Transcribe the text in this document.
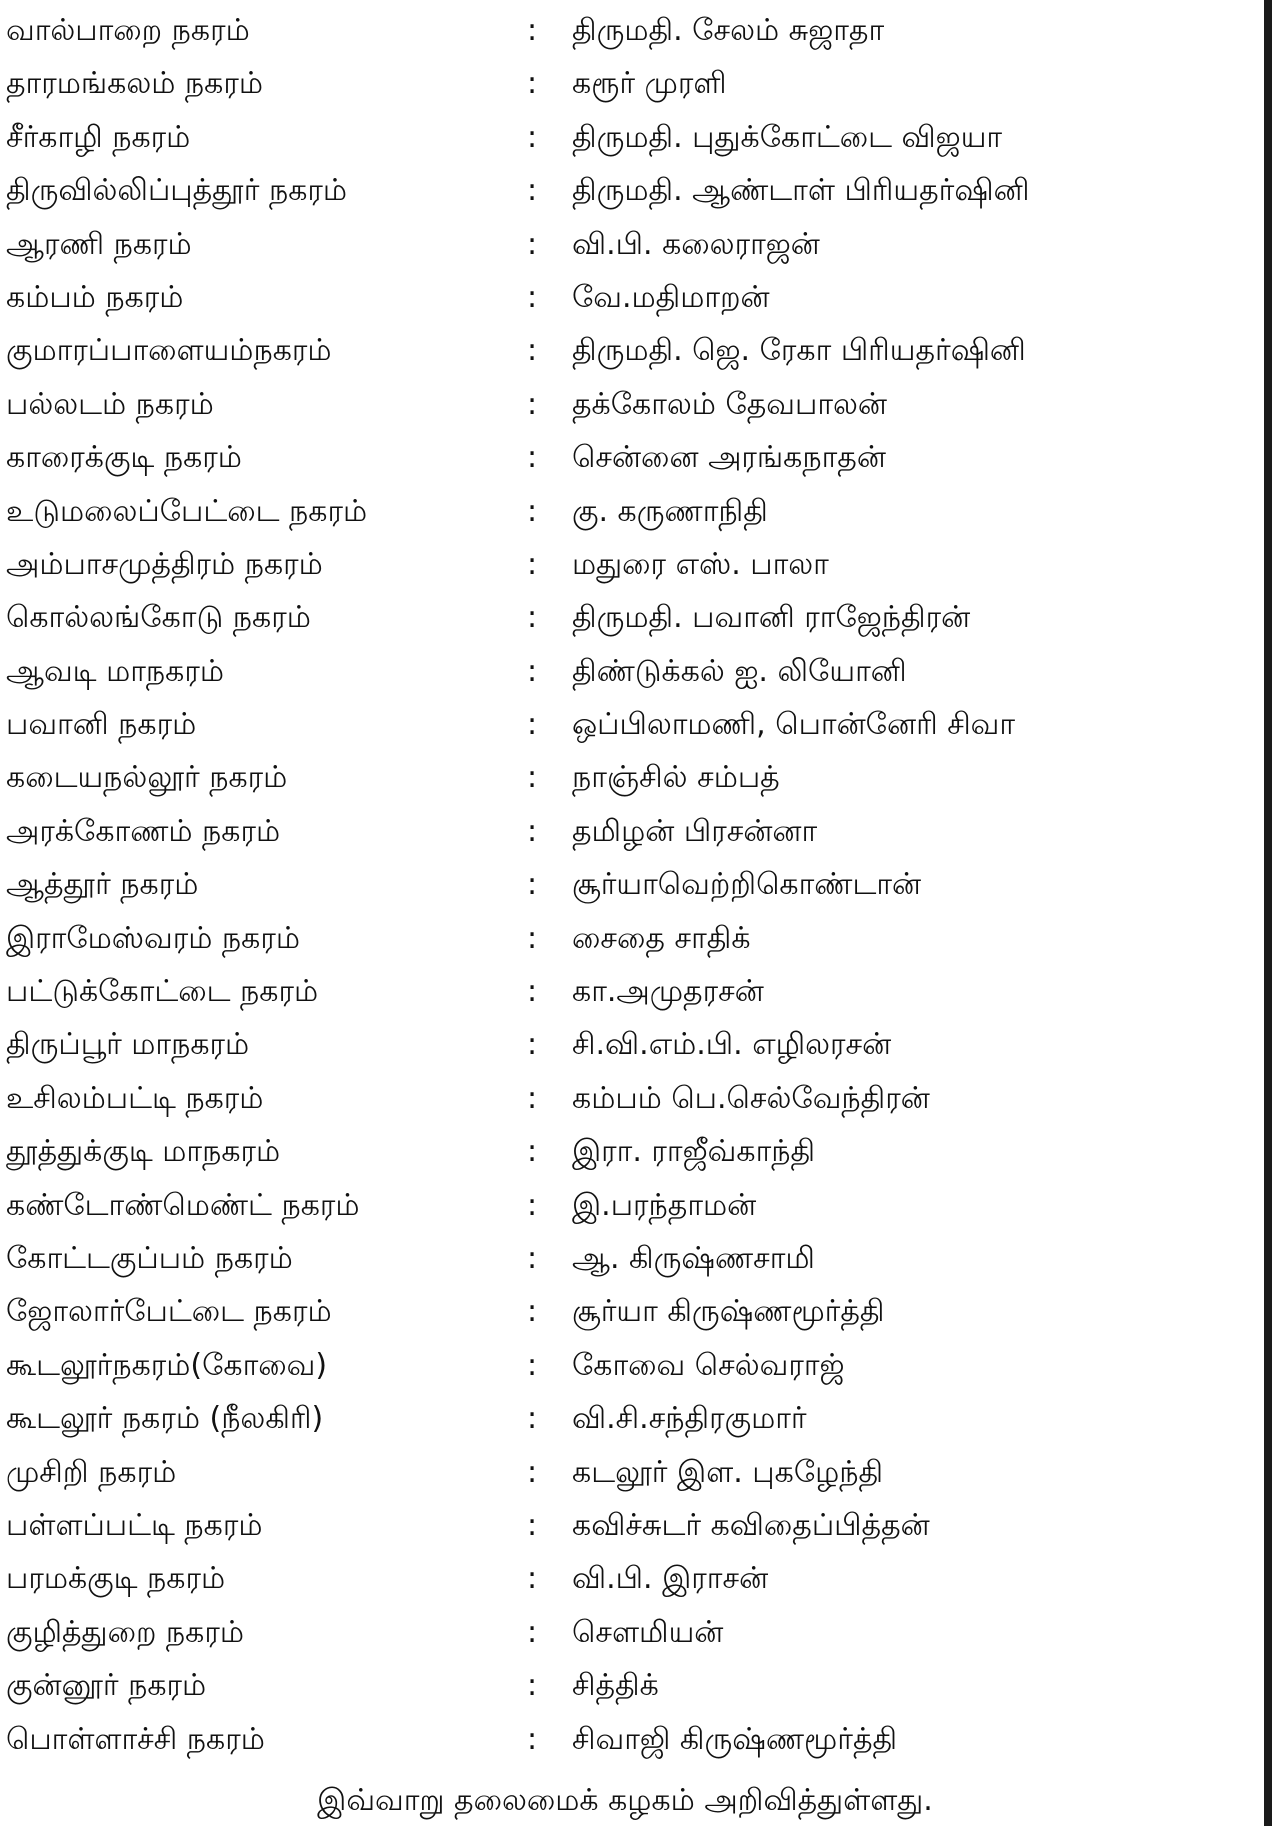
வால்பாறை நகரம்	: திருமதி. சேலம் சுஜாதா
தாரமங்கலம் நகரம்	: கரூர் முரளி
சீர்காழி நகரம்	: திருமதி. புதுக்கோட்டை விஜயா
திருவில்லிப்புத்தூர் நகரம்	: திருமதி. ஆண்டாள் பிரியதர்ஷினி
ஆரணி நகரம்	: வி.பி. கலைராஜன்
கம்பம் நகரம்	: வே.மதிமாறன்
குமாரப்பாளையம்நகரம்	: திருமதி. ஜெ. ரேகா பிரியதர்ஷினி
பல்லடம் நகரம்	: தக்கோலம் தேவபாலன்
காரைக்குடி நகரம்	: சென்னை அரங்கநாதன்
உடுமலைப்பேட்டை நகரம்	: கு. கருணாநிதி
அம்பாசமுத்திரம் நகரம்	: மதுரை எஸ். பாலா
கொல்லங்கோடு நகரம்	: திருமதி. பவானி ராஜேந்திரன்
ஆவடி மாநகரம்	: திண்டுக்கல் ஐ. லியோனி
பவானி நகரம்	: ஒப்பிலாமணி, பொன்னேரி சிவா
கடையநல்லூர் நகரம்	: நாஞ்சில் சம்பத்
அரக்கோணம் நகரம்	: தமிழன் பிரசன்னா
ஆத்தூர் நகரம்	: சூர்யாவெற்றிகொண்டான்
இராமேஸ்வரம் நகரம்	: சைதை சாதிக்
பட்டுக்கோட்டை நகரம்	: கா.அமுதரசன்
திருப்பூர் மாநகரம்	: சி.வி.எம்.பி. எழிலரசன்
உசிலம்பட்டி நகரம்	: கம்பம் பெ.செல்வேந்திரன்
தூத்துக்குடி மாநகரம்	: இரா. ராஜீவ்காந்தி
கண்டோண்மெண்ட் நகரம்	: இ.பரந்தாமன்
கோட்டகுப்பம் நகரம்	: ஆ. கிருஷ்ணசாமி
ஜோலார்பேட்டை நகரம்	: சூர்யா கிருஷ்ணமூர்த்தி
கூடலூர்நகரம்(கோவை)	: கோவை செல்வராஜ்
கூடலூர் நகரம் (நீலகிரி)	: வி.சி.சந்திரகுமார்
முசிறி நகரம்	: கடலூர் இள. புகழேந்தி
பள்ளப்பட்டி நகரம்	: கவிச்சுடர் கவிதைப்பித்தன்
பரமக்குடி நகரம்	: வி.பி. இராசன்
குழித்துறை நகரம்	: சௌமியன்
குன்னூர் நகரம்	: சித்திக்
பொள்ளாச்சி நகரம்	: சிவாஜி கிருஷ்ணமூர்த்தி
இவ்வாறு தலைமைக் கழகம் அறிவித்துள்ளது.
